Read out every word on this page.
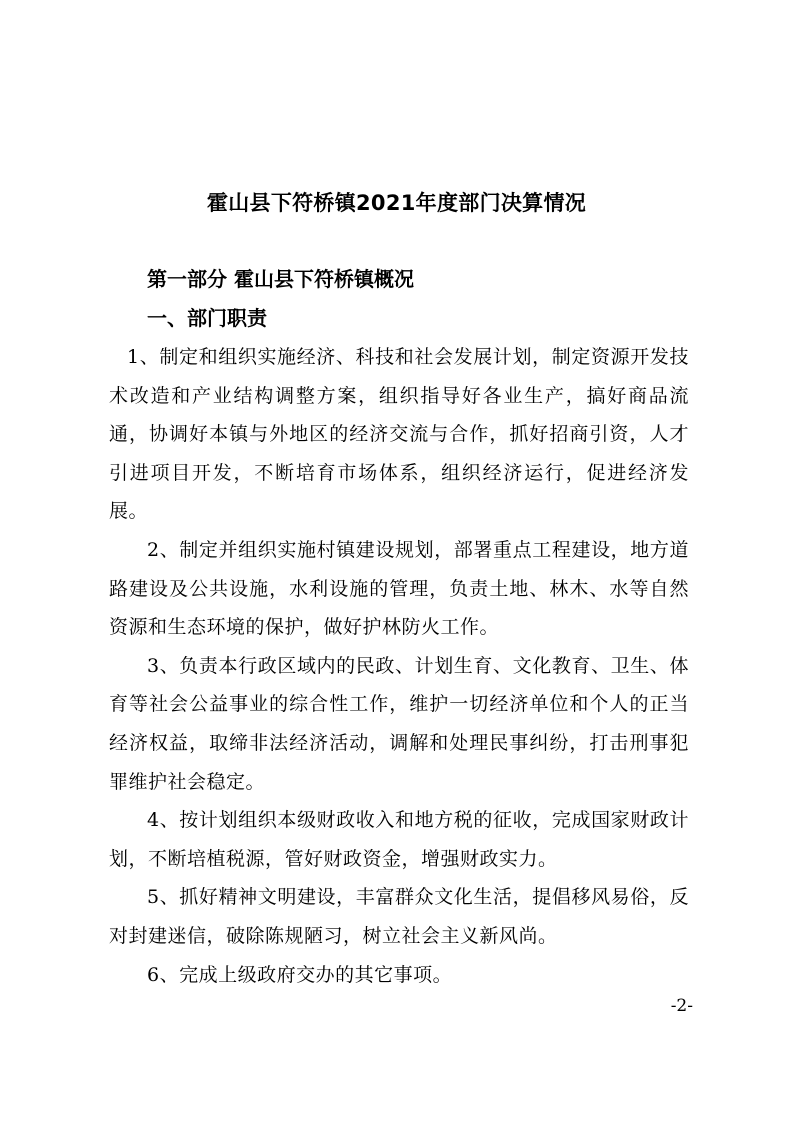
霍山县下符桥镇2021年度部门决算情况
第一部分 霍山县下符桥镇概况
一、部门职责

1、制定和组织实施经济、科技和社会发展计划，制定资源开发技术改造和产业结构调整方案，组织指导好各业生产，搞好商品流通，协调好本镇与外地区的经济交流与合作，抓好招商引资，人才引进项目开发，不断培育市场体系，组织经济运行，促进经济发展。

2、制定并组织实施村镇建设规划，部署重点工程建设，地方道路建设及公共设施，水利设施的管理，负责土地、林木、水等自然资源和生态环境的保护，做好护林防火工作。

3、负责本行政区域内的民政、计划生育、文化教育、卫生、体育等社会公益事业的综合性工作，维护一切经济单位和个人的正当经济权益，取缔非法经济活动，调解和处理民事纠纷，打击刑事犯罪维护社会稳定。

4、按计划组织本级财政收入和地方税的征收，完成国家财政计划，不断培植税源，管好财政资金，增强财政实力。

5、抓好精神文明建设，丰富群众文化生活，提倡移风易俗，反对封建迷信，破除陈规陋习，树立社会主义新风尚。

6、完成上级政府交办的其它事项。

-2-
